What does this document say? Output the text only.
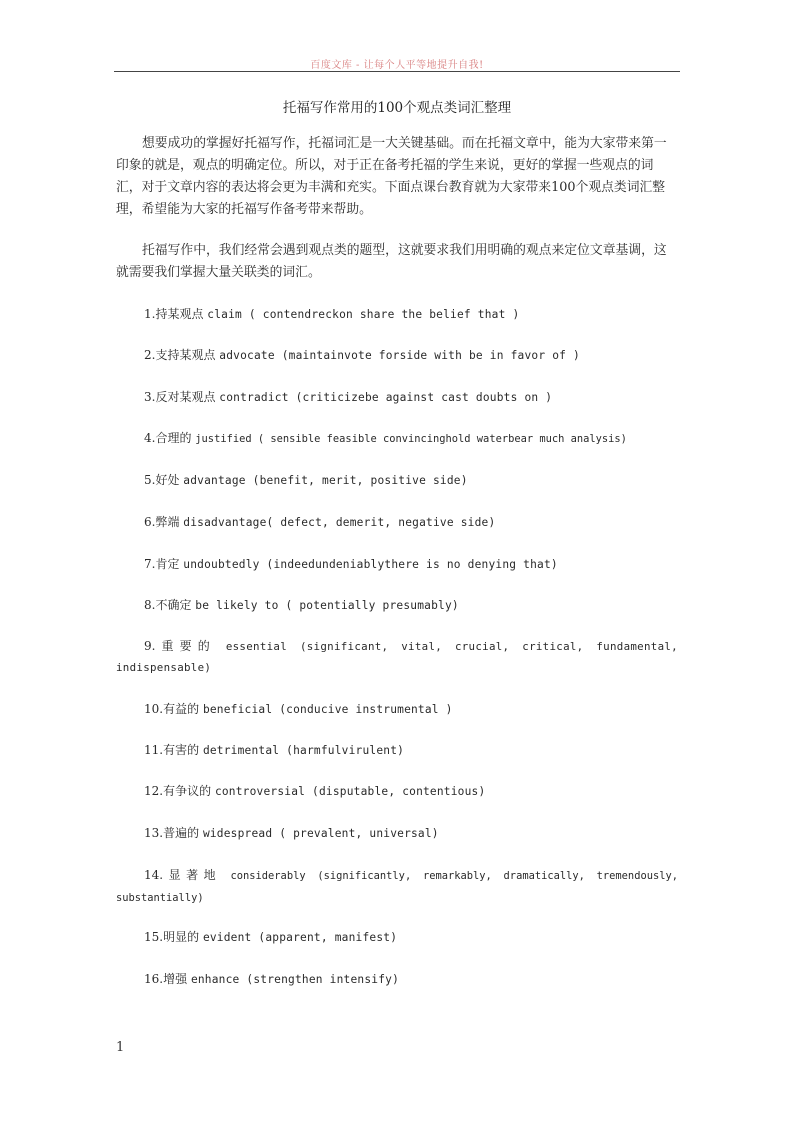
百度文库 - 让每个人平等地提升自我!
托福写作常用的100个观点类词汇整理

想要成功的掌握好托福写作，托福词汇是一大关键基础。而在托福文章中，能为大家带来第一印象的就是，观点的明确定位。所以，对于正在备考托福的学生来说，更好的掌握一些观点的词汇，对于文章内容的表达将会更为丰满和充实。下面点课台教育就为大家带来100个观点类词汇整理，希望能为大家的托福写作备考带来帮助。

托福写作中，我们经常会遇到观点类的题型，这就要求我们用明确的观点来定位文章基调，这就需要我们掌握大量关联类的词汇。

1.持某观点 claim ( contendreckon share the belief that )

2.支持某观点 advocate (maintainvote forside with be in favor of )

3.反对某观点 contradict (criticizebe against cast doubts on )

4.合理的 justified ( sensible feasible convincinghold waterbear much analysis)

5.好处 advantage (benefit, merit, positive side)

6.弊端 disadvantage( defect, demerit, negative side)

7.肯定 undoubtedly (indeedundeniablythere is no denying that)

8.不确定 be likely to ( potentially presumably)

9.重要的 essential (significant, vital, crucial, critical, fundamental, indispensable)

10.有益的 beneficial (conducive instrumental )

11.有害的 detrimental (harmfulvirulent)

12.有争议的 controversial (disputable, contentious)

13.普遍的 widespread ( prevalent, universal)

14.显著地 considerably (significantly, remarkably, dramatically, tremendously, substantially)

15.明显的 evident (apparent, manifest)

16.增强 enhance (strengthen intensify)

1
